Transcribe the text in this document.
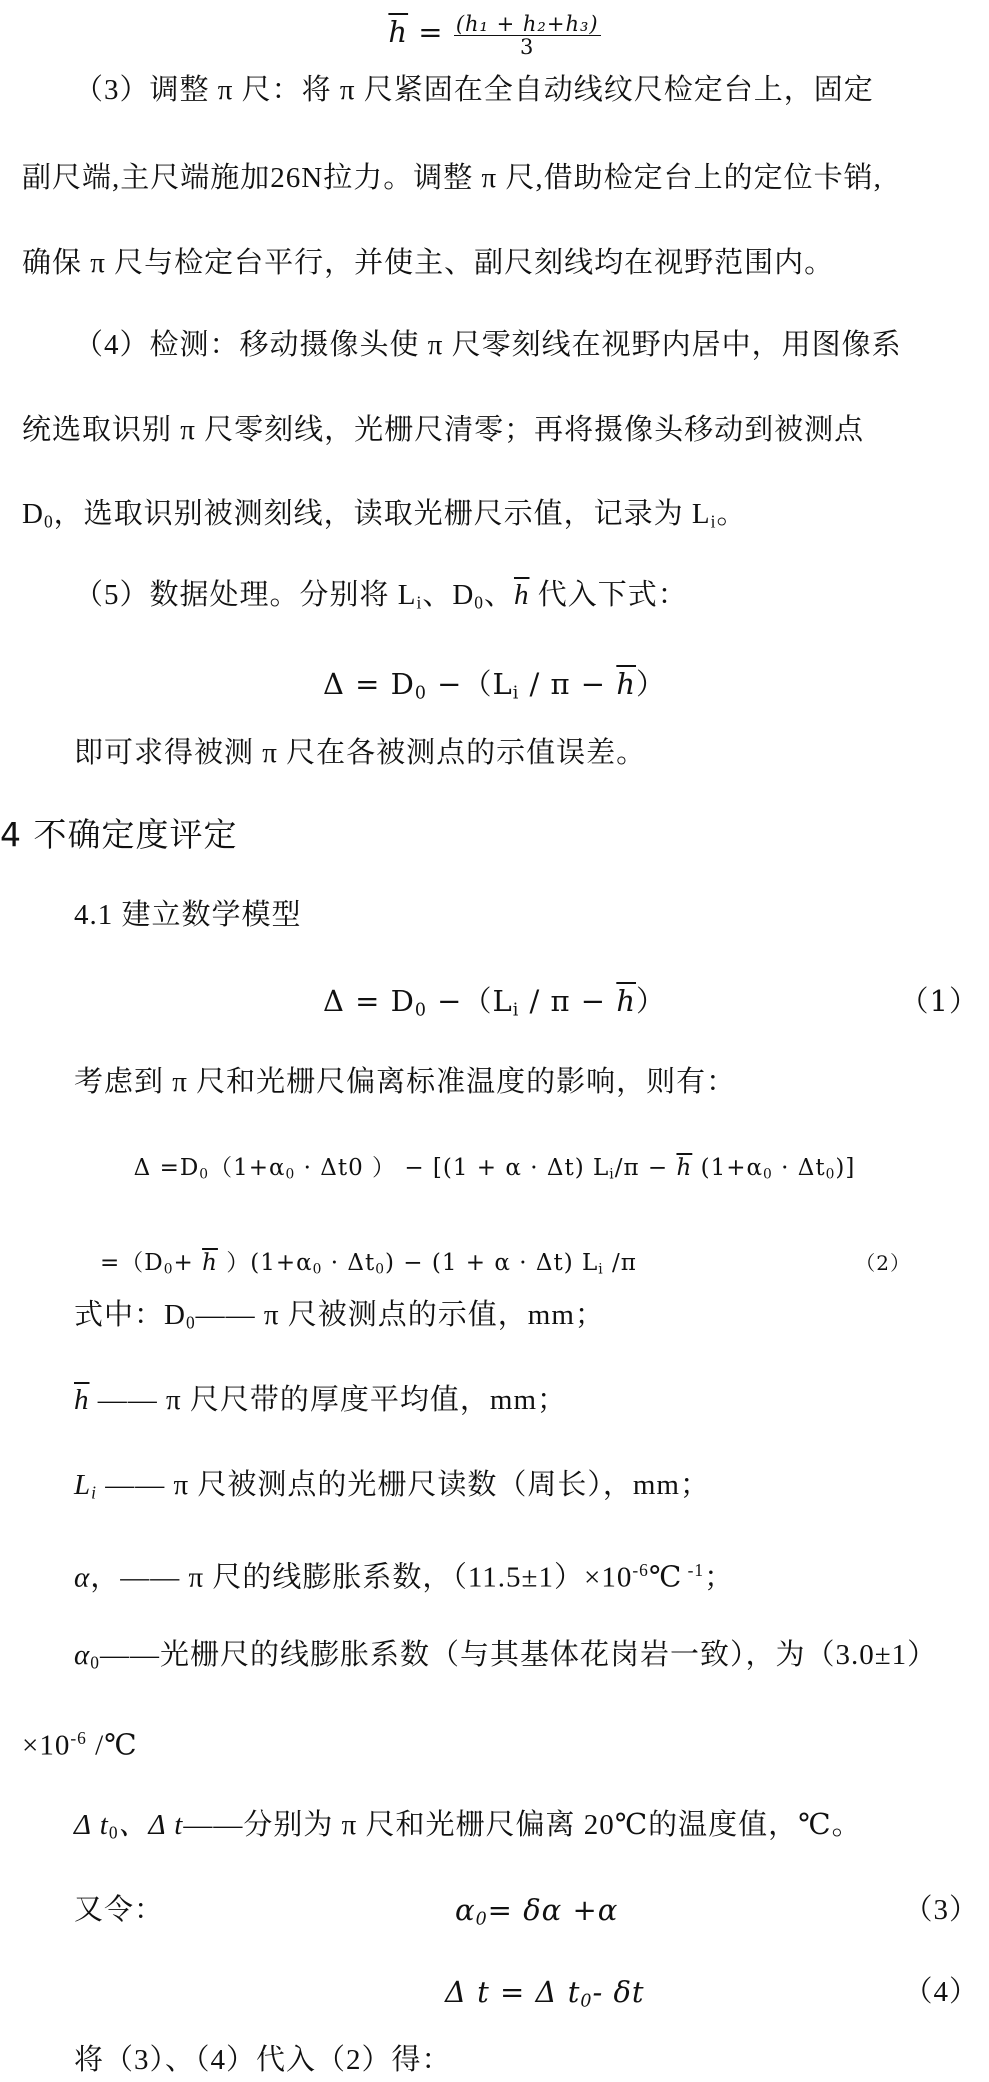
$\overline{h} = \frac{\text{(h₁ + h₂+h₃)}}{3}$
（3）调整 π 尺：将 π 尺紧固在全自动线纹尺检定台上，固定
副尺端,主尺端施加26N拉力。调整 π 尺,借助检定台上的定位卡销,
确保 π 尺与检定台平行，并使主、副尺刻线均在视野范围内。
（4）检测：移动摄像头使 π 尺零刻线在视野内居中，用图像系
统选取识别 π 尺零刻线，光栅尺清零；再将摄像头移动到被测点
$D_0$，选取识别被测刻线，读取光栅尺示值，记录为 $L_i$。
（5）数据处理。分别将 $L_i$、$D_0$、$\overline{h}$ 代入下式：
$\Delta = D_0 -(L_i / \pi - \overline{h})$
即可求得被测 π 尺在各被测点的示值误差。
4 不确定度评定
4.1 建立数学模型
$\Delta = D_0 -(L_i / \pi - \overline{h})$	（1）
考虑到 π 尺和光栅尺偏离标准温度的影响，则有：
$\Delta =D_0(1+\alpha_0 \cdot \Delta t0$ ） − [(1 + α · Δt) $L_i/\pi - \overline{h}$ $(1+\alpha_0 \cdot \Delta t_0)$]
$=(D_0+ \overline{h}$ ）$(1+\alpha_0 \cdot \Delta t_0) - (1 + \alpha \cdot \Delta t)$ $L_i$ /π	（2）
式中：$D_0——$ π 尺被测点的示值，mm；
$\overline{h}$ —— π 尺尺带的厚度平均值，mm；
$L_i$ —— π 尺被测点的光栅尺读数（周长），mm；
α，—— π 尺的线膨胀系数，$(11.5\pm 1)\times 10^{-6}℃$ $^{-1}$；
$\alpha_0——$光栅尺的线膨胀系数（与其基体花岗岩一致），为（3.0±1）
$\times 10^{-6}$ /℃
Δ $t_0$、Δ t——分别为 π 尺和光栅尺偏离 20℃的温度值，℃。
又令：	$\alpha_0= \delta\alpha +\alpha$	（3）
Δ t = Δ $t_0-$ δt	（4）
将（3）、（4）代入（2）得：
